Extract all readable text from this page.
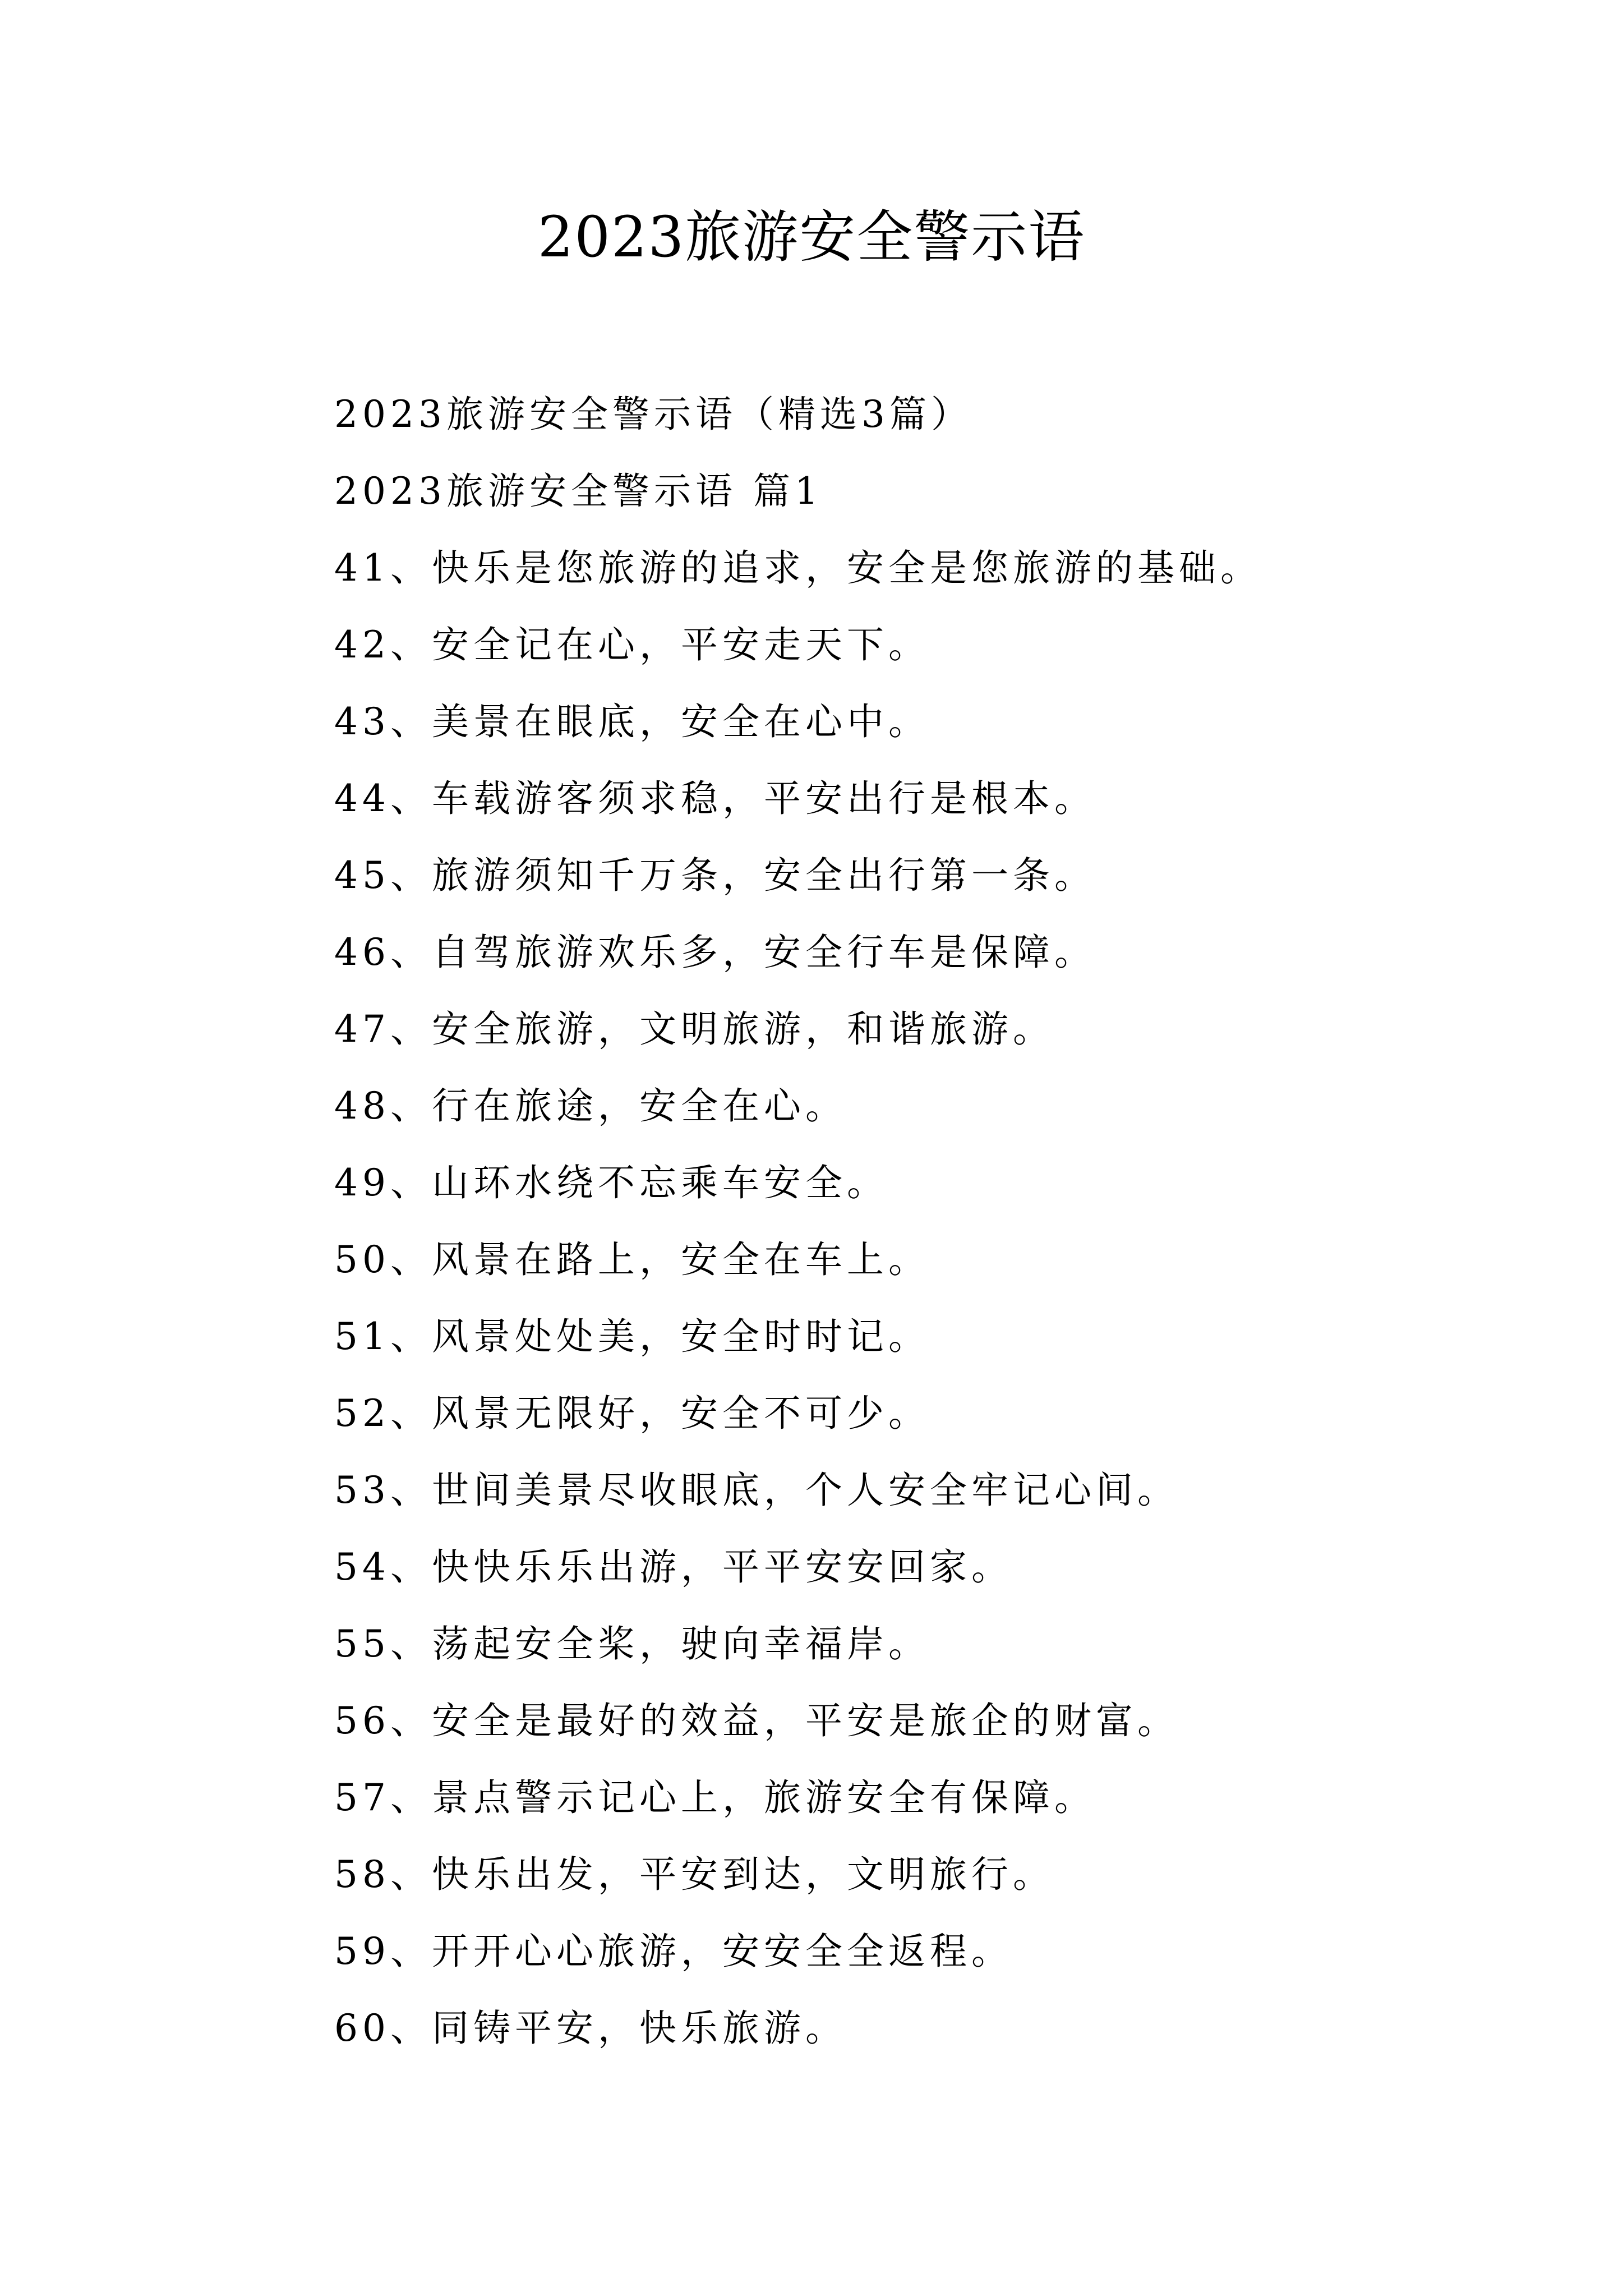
2023旅游安全警示语
2023旅游安全警示语（精选3篇）
2023旅游安全警示语 篇1
41、快乐是您旅游的追求，安全是您旅游的基础。
42、安全记在心，平安走天下。
43、美景在眼底，安全在心中。
44、车载游客须求稳，平安出行是根本。
45、旅游须知千万条，安全出行第一条。
46、自驾旅游欢乐多，安全行车是保障。
47、安全旅游，文明旅游，和谐旅游。
48、行在旅途，安全在心。
49、山环水绕不忘乘车安全。
50、风景在路上，安全在车上。
51、风景处处美，安全时时记。
52、风景无限好，安全不可少。
53、世间美景尽收眼底，个人安全牢记心间。
54、快快乐乐出游，平平安安回家。
55、荡起安全桨，驶向幸福岸。
56、安全是最好的效益，平安是旅企的财富。
57、景点警示记心上，旅游安全有保障。
58、快乐出发，平安到达，文明旅行。
59、开开心心旅游，安安全全返程。
60、同铸平安，快乐旅游。
